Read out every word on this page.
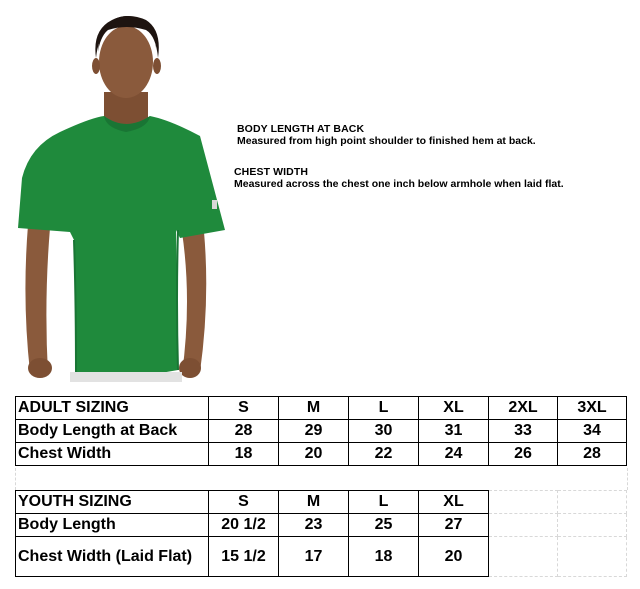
BODY LENGTH AT BACK
Measured from high point shoulder to finished hem at back.
CHEST WIDTH
Measured across the chest one inch below armhole when laid flat.
ADULT SIZING	S	M	L	XL	2XL	3XL
Body Length at Back	28	29	30	31	33	34
Chest Width	18	20	22	24	26	28
YOUTH SIZING	S	M	L	XL		
Body Length	20 1/2	23	25	27		
Chest Width (Laid Flat)	15 1/2	17	18	20		
